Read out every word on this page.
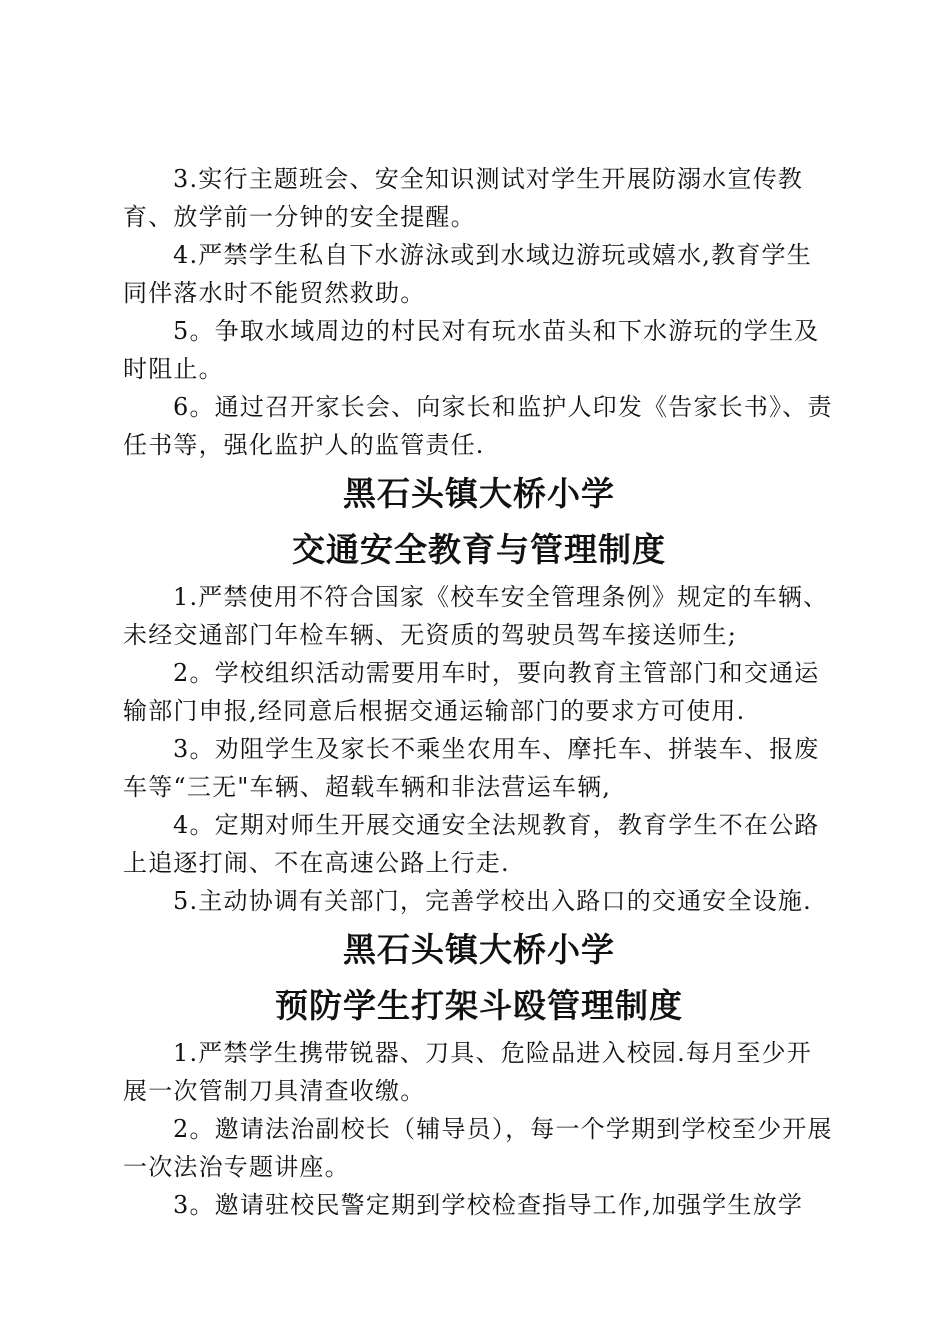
3.实行主题班会、安全知识测试对学生开展防溺水宣传教育、放学前一分钟的安全提醒。

4.严禁学生私自下水游泳或到水域边游玩或嬉水,教育学生同伴落水时不能贸然救助。

5。争取水域周边的村民对有玩水苗头和下水游玩的学生及时阻止。

6。通过召开家长会、向家长和监护人印发《告家长书》、责任书等，强化监护人的监管责任.

黑石头镇大桥小学
交通安全教育与管理制度

1.严禁使用不符合国家《校车安全管理条例》规定的车辆、未经交通部门年检车辆、无资质的驾驶员驾车接送师生;

2。学校组织活动需要用车时，要向教育主管部门和交通运输部门申报,经同意后根据交通运输部门的要求方可使用.

3。劝阻学生及家长不乘坐农用车、摩托车、拼装车、报废车等“三无"车辆、超载车辆和非法营运车辆,

4。定期对师生开展交通安全法规教育，教育学生不在公路上追逐打闹、不在高速公路上行走.

5.主动协调有关部门，完善学校出入路口的交通安全设施.

黑石头镇大桥小学
预防学生打架斗殴管理制度

1.严禁学生携带锐器、刀具、危险品进入校园.每月至少开展一次管制刀具清查收缴。

2。邀请法治副校长（辅导员），每一个学期到学校至少开展一次法治专题讲座。

3。邀请驻校民警定期到学校检查指导工作,加强学生放学
